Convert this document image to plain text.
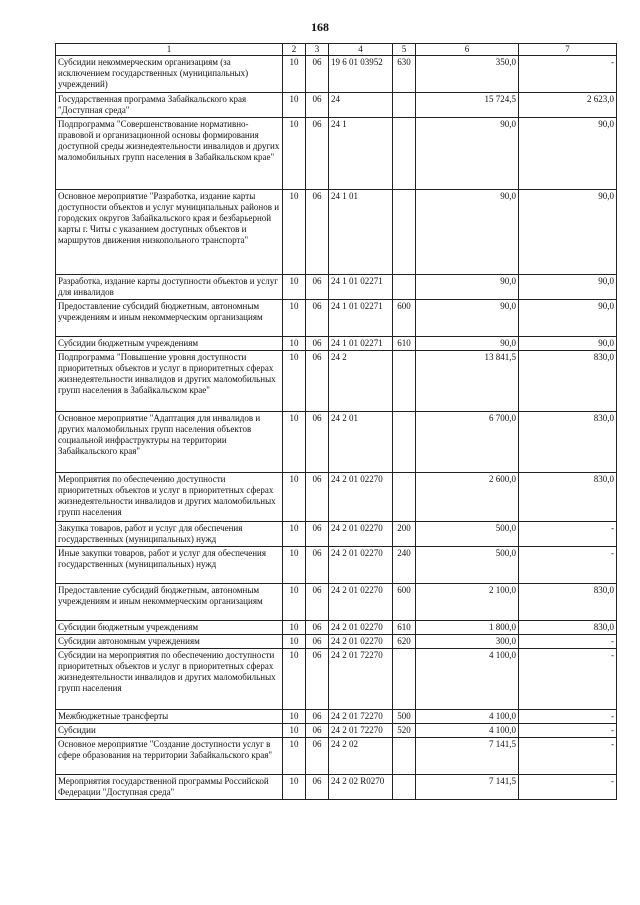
168
1	2	3	4	5	6	7
Субсидии некоммерческим организациям (за исключением государственных (муниципальных) учреждений)	10	06	19 6 01 03952	630	350,0	-
Государственная программа Забайкальского края "Доступная среда"	10	06	24		15 724,5	2 623,0
Подпрограмма "Совершенствование нормативно-правовой и организационной основы формирования доступной среды жизнедеятельности инвалидов и других маломобильных групп населения в Забайкальском крае"	10	06	24 1		90,0	90,0
Основное мероприятие "Разработка, издание карты доступности объектов и услуг муниципальных районов и городских округов Забайкальского края и безбарьерной карты г. Читы с указанием доступных объектов и маршрутов движения низкопольного транспорта"	10	06	24 1 01		90,0	90,0
Разработка, издание карты доступности объектов и услуг для инвалидов	10	06	24 1 01 02271		90,0	90,0
Предоставление субсидий бюджетным, автономным учреждениям и иным некоммерческим организациям	10	06	24 1 01 02271	600	90,0	90,0
Субсидии бюджетным учреждениям	10	06	24 1 01 02271	610	90,0	90,0
Подпрограмма "Повышение уровня доступности приоритетных объектов и услуг в приоритетных сферах жизнедеятельности инвалидов и других маломобильных групп населения в Забайкальском крае"	10	06	24 2		13 841,5	830,0
Основное мероприятие "Адаптация для инвалидов и других маломобильных групп населения объектов социальной инфраструктуры на территории Забайкальского края"	10	06	24 2 01		6 700,0	830,0
Мероприятия по обеспечению доступности приоритетных объектов и услуг в приоритетных сферах жизнедеятельности инвалидов и других маломобильных групп населения	10	06	24 2 01 02270		2 600,0	830,0
Закупка товаров, работ и услуг для обеспечения государственных (муниципальных) нужд	10	06	24 2 01 02270	200	500,0	-
Иные закупки товаров, работ и услуг для обеспечения государственных (муниципальных) нужд	10	06	24 2 01 02270	240	500,0	-
Предоставление субсидий бюджетным, автономным учреждениям и иным некоммерческим организациям	10	06	24 2 01 02270	600	2 100,0	830,0
Субсидии бюджетным учреждениям	10	06	24 2 01 02270	610	1 800,0	830,0
Субсидии автономным учреждениям	10	06	24 2 01 02270	620	300,0	-
Субсидии на мероприятия по обеспечению доступности приоритетных объектов и услуг в приоритетных сферах жизнедеятельности инвалидов и других маломобильных групп населения	10	06	24 2 01 72270		4 100,0	-
Межбюджетные трансферты	10	06	24 2 01 72270	500	4 100,0	-
Субсидии	10	06	24 2 01 72270	520	4 100,0	-
Основное мероприятие "Создание доступности услуг в сфере образования на территории Забайкальского края"	10	06	24 2 02		7 141,5	-
Мероприятия государственной программы Российской Федерации "Доступная среда"	10	06	24 2 02 R0270		7 141,5	-
